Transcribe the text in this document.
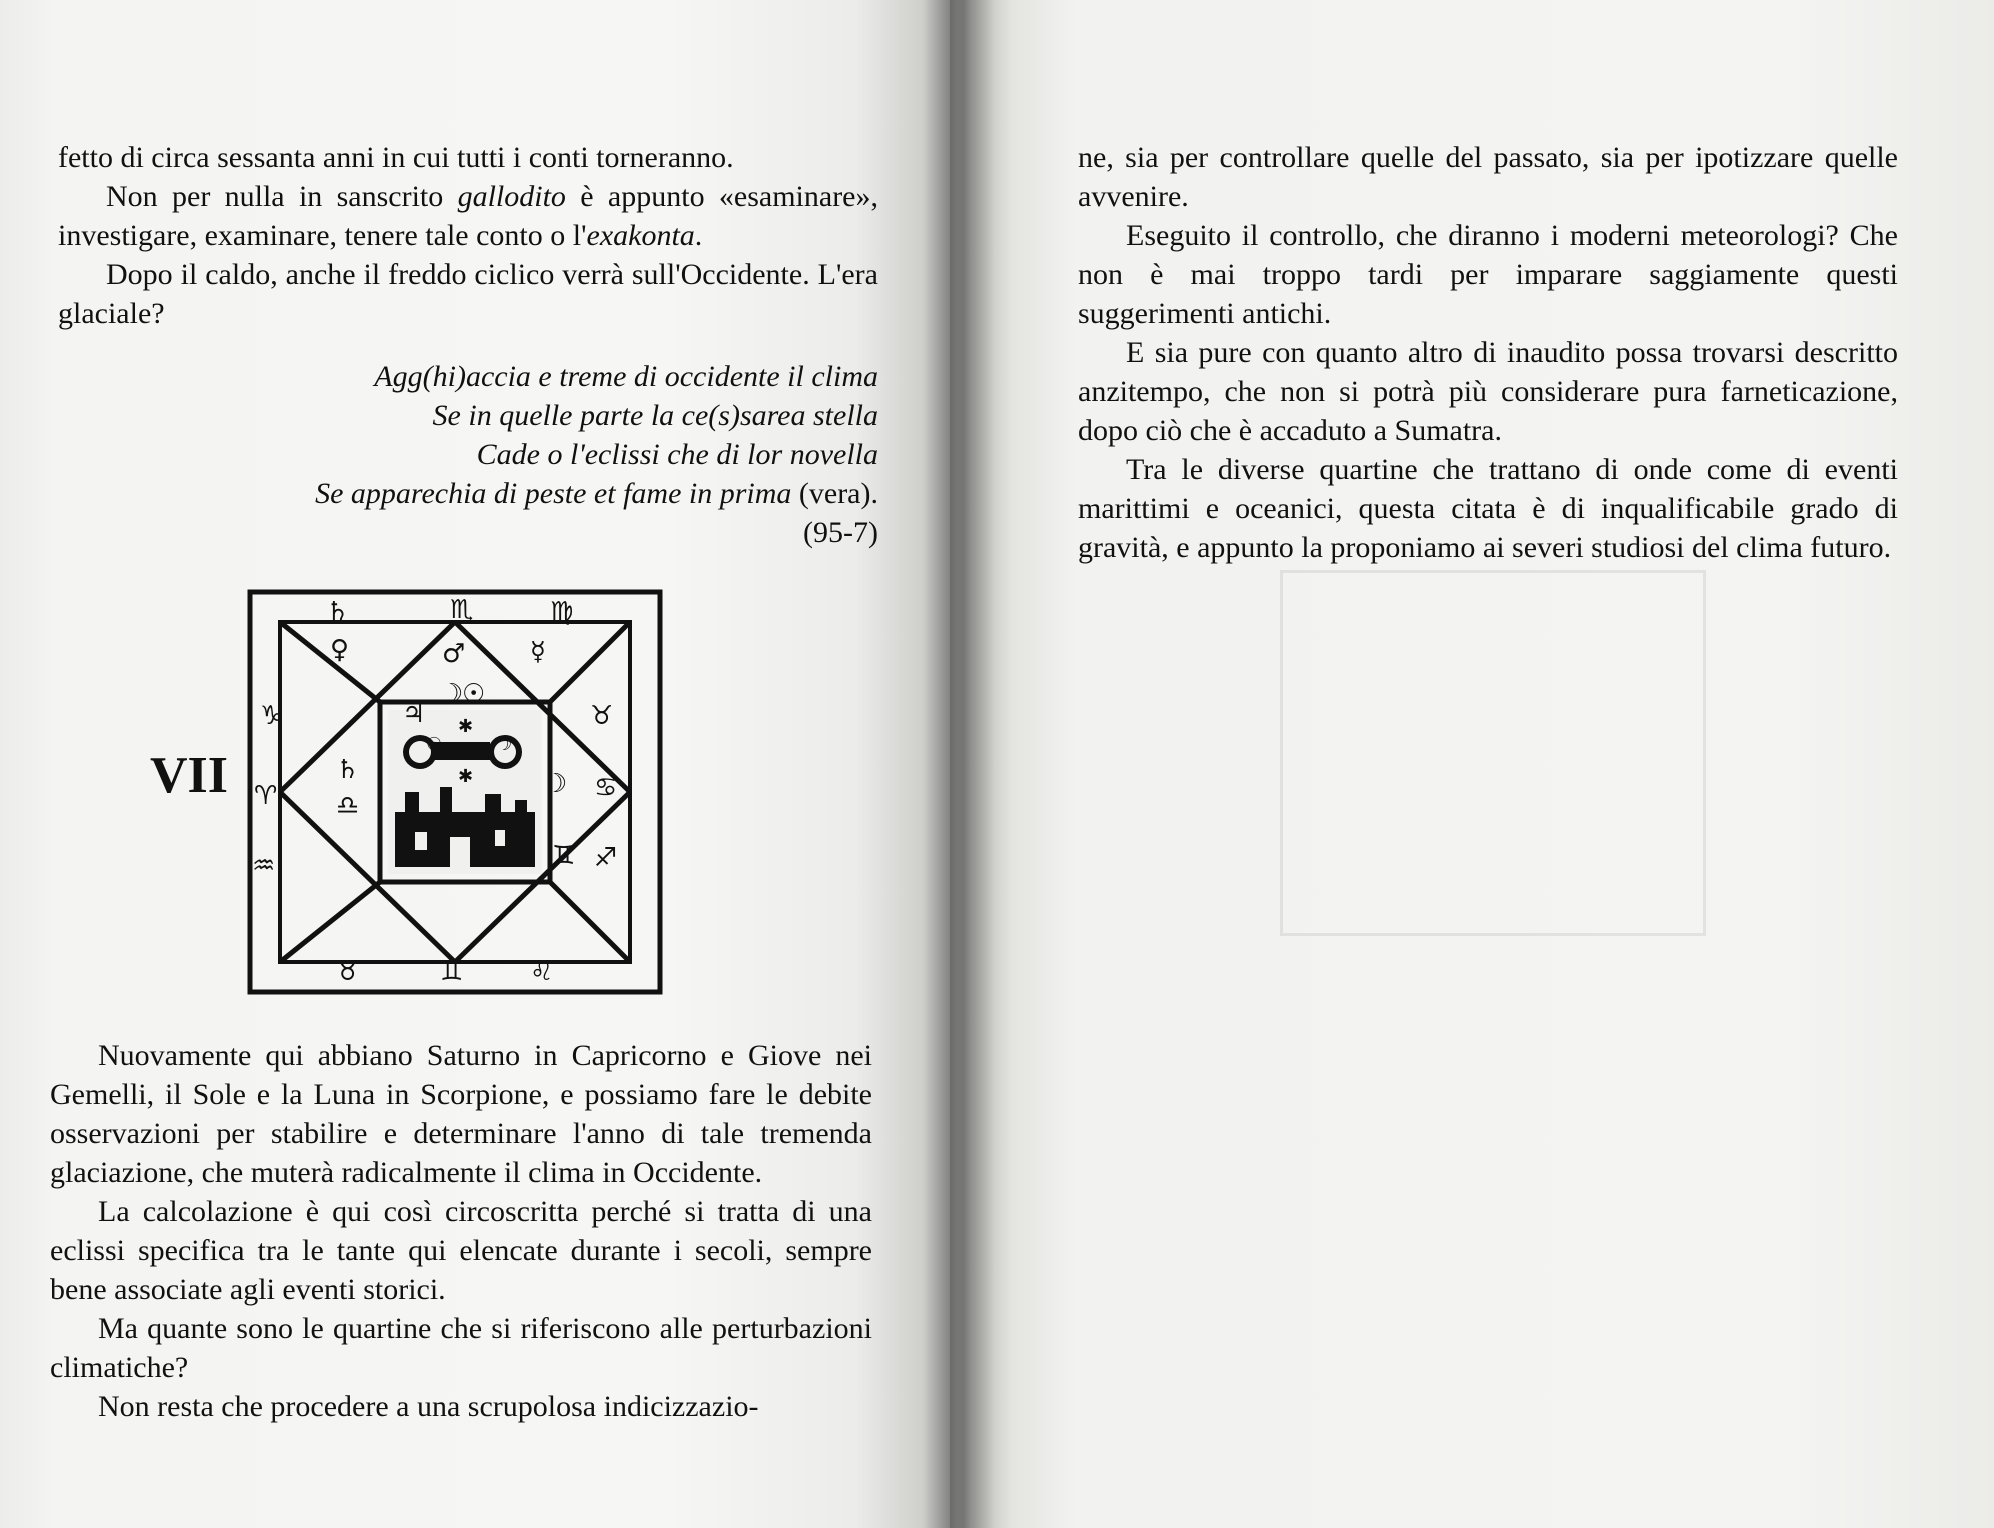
fetto di circa sessanta anni in cui tutti i conti torneranno.

Non per nulla in sanscrito gallodito è appunto «esaminare», investigare, examinare, tenere tale conto o l'exakonta.

Dopo il caldo, anche il freddo ciclico verrà sull'Occidente. L'era glaciale?

Agg(hi)accia e treme di occidente il clima
Se in quelle parte la ce(s)sarea stella
Cade o l'eclissi che di lor novella
Se apparechia di peste et fame in prima (vera).
(95-7)
VII
♄	♏	♍
♀	♂ ☿
♃
☽
☉
♉
☽ ♋
♑
♄
♎
♊ ♐
♈
♒
♉	♊	♌
☉	☽
✱
✱

Nuovamente qui abbiano Saturno in Capricorno e Giove nei Gemelli, il Sole e la Luna in Scorpione, e possiamo fare le debite osservazioni per stabilire e determinare l'anno di tale tremenda glaciazione, che muterà radicalmente il clima in Occidente.

La calcolazione è qui così circoscritta perché si tratta di una eclissi specifica tra le tante qui elencate durante i secoli, sempre bene associate agli eventi storici.

Ma quante sono le quartine che si riferiscono alle perturbazioni climatiche?

Non resta che procedere a una scrupolosa indicizzazio-

ne, sia per controllare quelle del passato, sia per ipotizzare quelle avvenire.

Eseguito il controllo, che diranno i moderni meteorologi? Che non è mai troppo tardi per imparare saggiamente questi suggerimenti antichi.

E sia pure con quanto altro di inaudito possa trovarsi descritto anzitempo, che non si potrà più considerare pura farneticazione, dopo ciò che è accaduto a Sumatra.

Tra le diverse quartine che trattano di onde come di eventi marittimi e oceanici, questa citata è di inqualificabile grado di gravità, e appunto la proponiamo ai severi studiosi del clima futuro.
